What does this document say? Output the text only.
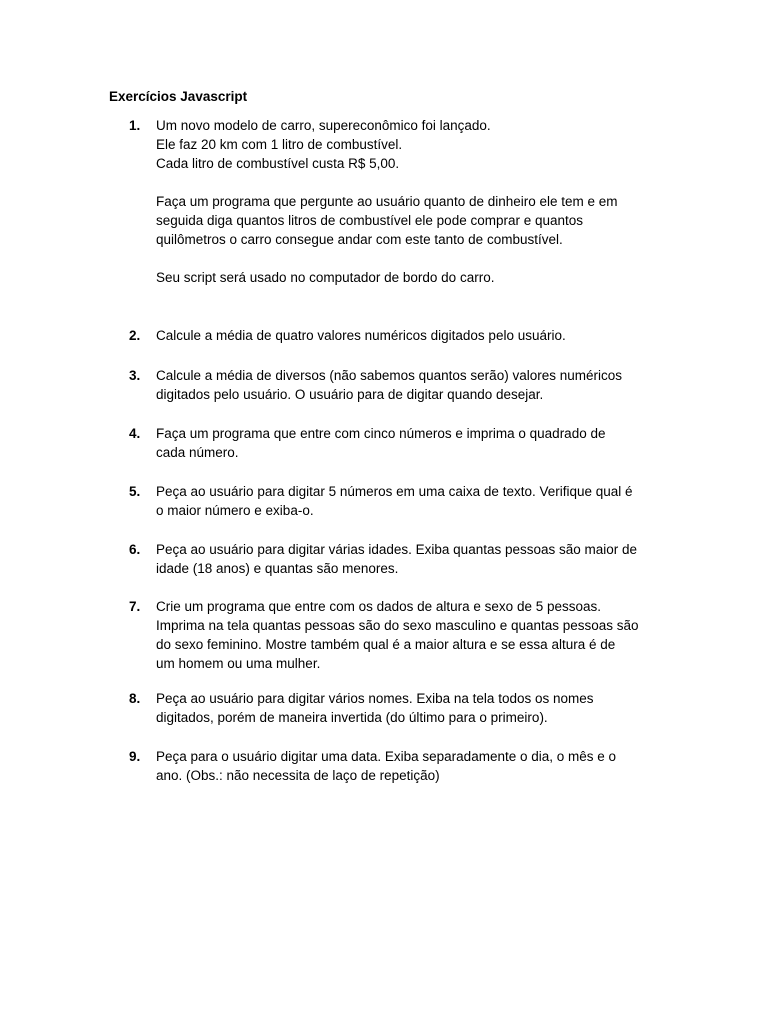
Exercícios Javascript
1. Um novo modelo de carro, supereconômico foi lançado.
Ele faz 20 km com 1 litro de combustível.
Cada litro de combustível custa R$ 5,00.
Faça um programa que pergunte ao usuário quanto de dinheiro ele tem e em
seguida diga quantos litros de combustível ele pode comprar e quantos
quilômetros o carro consegue andar com este tanto de combustível.
Seu script será usado no computador de bordo do carro.
2. Calcule a média de quatro valores numéricos digitados pelo usuário.
3. Calcule a média de diversos (não sabemos quantos serão) valores numéricos
digitados pelo usuário. O usuário para de digitar quando desejar.
4. Faça um programa que entre com cinco números e imprima o quadrado de
cada número.
5. Peça ao usuário para digitar 5 números em uma caixa de texto. Verifique qual é
o maior número e exiba-o.
6. Peça ao usuário para digitar várias idades. Exiba quantas pessoas são maior de
idade (18 anos) e quantas são menores.
7. Crie um programa que entre com os dados de altura e sexo de 5 pessoas.
Imprima na tela quantas pessoas são do sexo masculino e quantas pessoas são
do sexo feminino. Mostre também qual é a maior altura e se essa altura é de
um homem ou uma mulher.
8. Peça ao usuário para digitar vários nomes. Exiba na tela todos os nomes
digitados, porém de maneira invertida (do último para o primeiro).
9. Peça para o usuário digitar uma data. Exiba separadamente o dia, o mês e o
ano. (Obs.: não necessita de laço de repetição)
